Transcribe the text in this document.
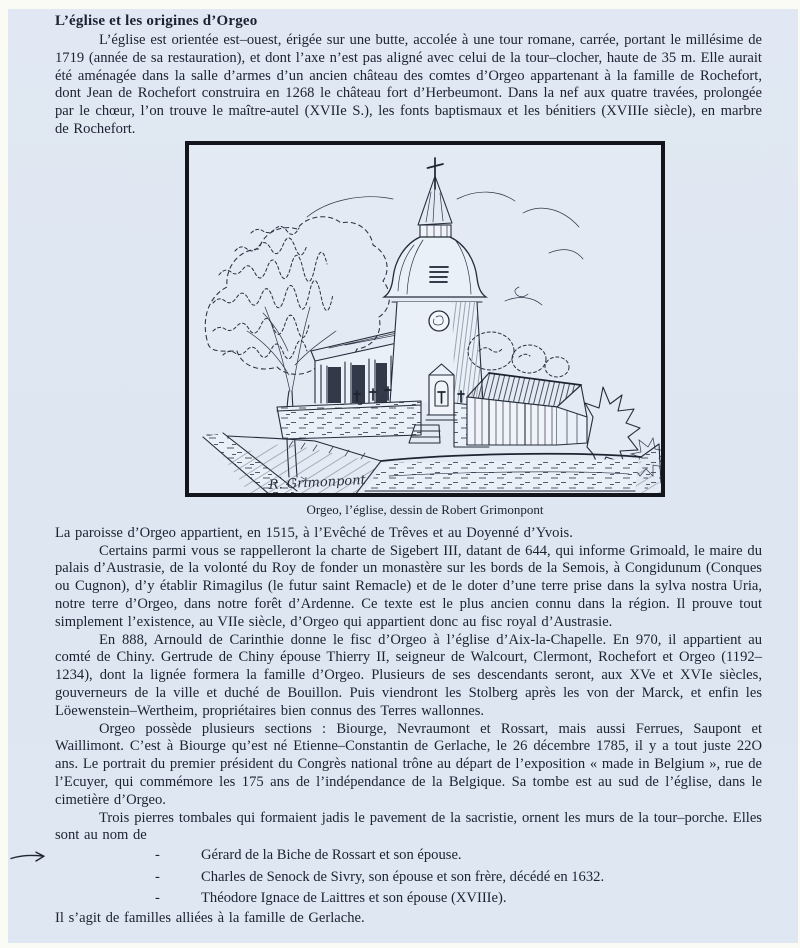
L’église et les origines d’Orgeo

L’église est orientée est–ouest, érigée sur une butte, accolée à une tour romane, carrée, portant le millésime de 1719 (année de sa restauration), et dont l’axe n’est pas aligné avec celui de la tour–clocher, haute de 35 m. Elle aurait été aménagée dans la salle d’armes d’un ancien château des comtes d’Orgeo appartenant à la famille de Rochefort, dont Jean de Rochefort construira en 1268 le château fort d’Herbeumont. Dans la nef aux quatre travées, prolongée par le chœur, l’on trouve le maître-autel (XVIIe S.), les fonts baptismaux et les bénitiers (XVIIIe siècle), en marbre de Rochefort.

R. Grimonpont
Orgeo, l’église, dessin de Robert Grimonpont

La paroisse d’Orgeo appartient, en 1515, à l’Evêché de Trêves et au Doyenné d’Yvois.

Certains parmi vous se rappelleront la charte de Sigebert III, datant de 644, qui informe Grimoald, le maire du palais d’Austrasie, de la volonté du Roy de fonder un monastère sur les bords de la Semois, à Congidunum (Conques ou Cugnon), d’y établir Rimagilus (le futur saint Remacle) et de le doter d’une terre prise dans la sylva nostra Uria, notre terre d’Orgeo, dans notre forêt d’Ardenne. Ce texte est le plus ancien connu dans la région. Il prouve tout simplement l’existence, au VIIe siècle, d’Orgeo qui appartient donc au fisc royal d’Austrasie.

En 888, Arnould de Carinthie donne le fisc d’Orgeo à l’église d’Aix-la-Chapelle. En 970, il appartient au comté de Chiny. Gertrude de Chiny épouse Thierry II, seigneur de Walcourt, Clermont, Rochefort et Orgeo (1192–1234), dont la lignée formera la famille d’Orgeo. Plusieurs de ses descendants seront, aux XVe et XVIe siècles, gouverneurs de la ville et duché de Bouillon. Puis viendront les Stolberg après les von der Marck, et enfin les Löewenstein–Wertheim, propriétaires bien connus des Terres wallonnes.

Orgeo possède plusieurs sections : Biourge, Nevraumont et Rossart, mais aussi Ferrues, Saupont et Waillimont. C’est à Biourge qu’est né Etienne–Constantin de Gerlache, le 26 décembre 1785, il y a tout juste 22O ans. Le portrait du premier président du Congrès national trône au départ de l’exposition « made in Belgium », rue de l’Ecuyer, qui commémore les 175 ans de l’indépendance de la Belgique. Sa tombe est au sud de l’église, dans le cimetière d’Orgeo.

Trois pierres tombales qui formaient jadis le pavement de la sacristie, ornent les murs de la tour–porche. Elles sont au nom de

-	Gérard de la Biche de Rossart et son épouse.
-	Charles de Senock de Sivry, son épouse et son frère, décédé en 1632.
-	Théodore Ignace de Laittres et son épouse (XVIIIe).

Il s’agit de familles alliées à la famille de Gerlache.
